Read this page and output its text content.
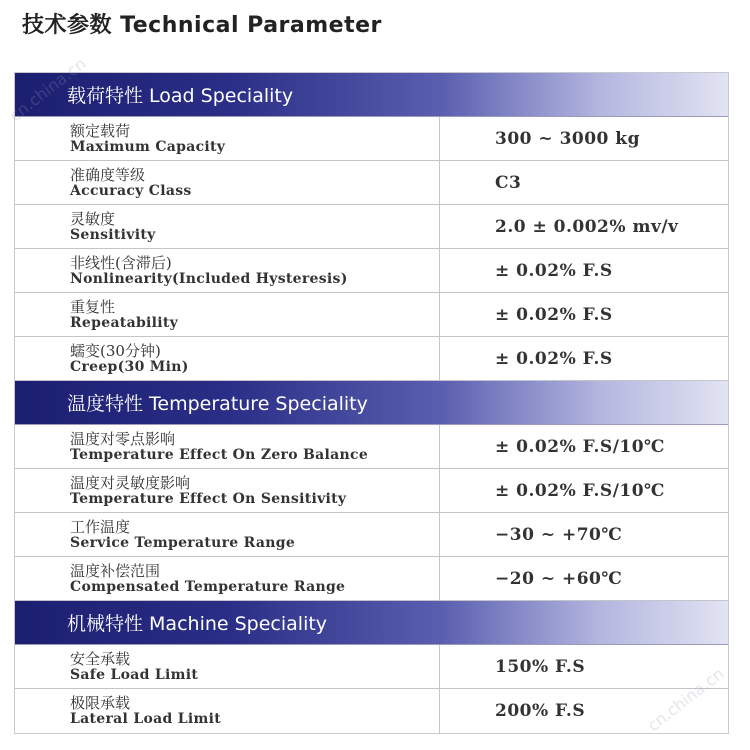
技术参数 Technical Parameter
载荷特性 Load Speciality
额定载荷
Maximum Capacity	300 ~ 3000 kg
准确度等级
Accuracy Class	C3
灵敏度
Sensitivity	2.0 ± 0.002% mv/v
非线性(含滞后)
Nonlinearity(Included Hysteresis)	± 0.02% F.S
重复性
Repeatability	± 0.02% F.S
蠕变(30分钟)
Creep(30 Min)	± 0.02% F.S
温度特性 Temperature Speciality
温度对零点影响
Temperature Effect On Zero Balance	± 0.02% F.S/10℃
温度对灵敏度影响
Temperature Effect On Sensitivity	± 0.02% F.S/10℃
工作温度
Service Temperature Range	−30 ~ +70℃
温度补偿范围
Compensated Temperature Range	−20 ~ +60℃
机械特性 Machine Speciality
安全承载
Safe Load Limit	150% F.S
极限承载
Lateral Load Limit	200% F.S
cn.china.cn
cn.china.cn
